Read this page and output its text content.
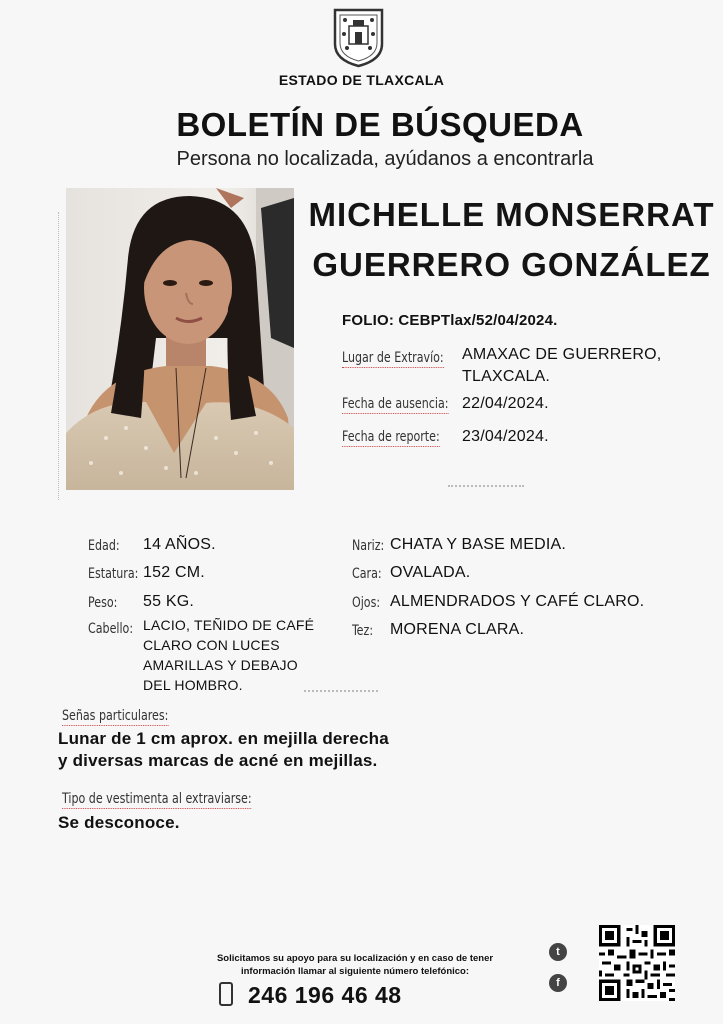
ESTADO DE TLAXCALA
BOLETÍN DE BÚSQUEDA
Persona no localizada, ayúdanos a encontrarla
MICHELLE MONSERRAT
GUERRERO GONZÁLEZ
FOLIO: CEBPTlax/52/04/2024.
Lugar de Extravío: AMAXAC DE GUERRERO,
TLAXCALA.
Fecha de ausencia: 22/04/2024.
Fecha de reporte: 23/04/2024.
Edad: 14 AÑOS.
Estatura: 152 CM.
Peso: 55 KG.
Cabello: LACIO, TEÑIDO DE CAFÉ
CLARO CON LUCES
AMARILLAS Y DEBAJO
DEL HOMBRO.
Nariz: CHATA Y BASE MEDIA.
Cara: OVALADA.
Ojos: ALMENDRADOS Y CAFÉ CLARO.
Tez: MORENA CLARA.
Señas particulares:
Lunar de 1 cm aprox. en mejilla derecha
y diversas marcas de acné en mejillas.
Tipo de vestimenta al extraviarse:
Se desconoce.
Solicitamos su apoyo para su localización y en caso de tener
información llamar al siguiente número telefónico:
246 196 46 48
t
f
